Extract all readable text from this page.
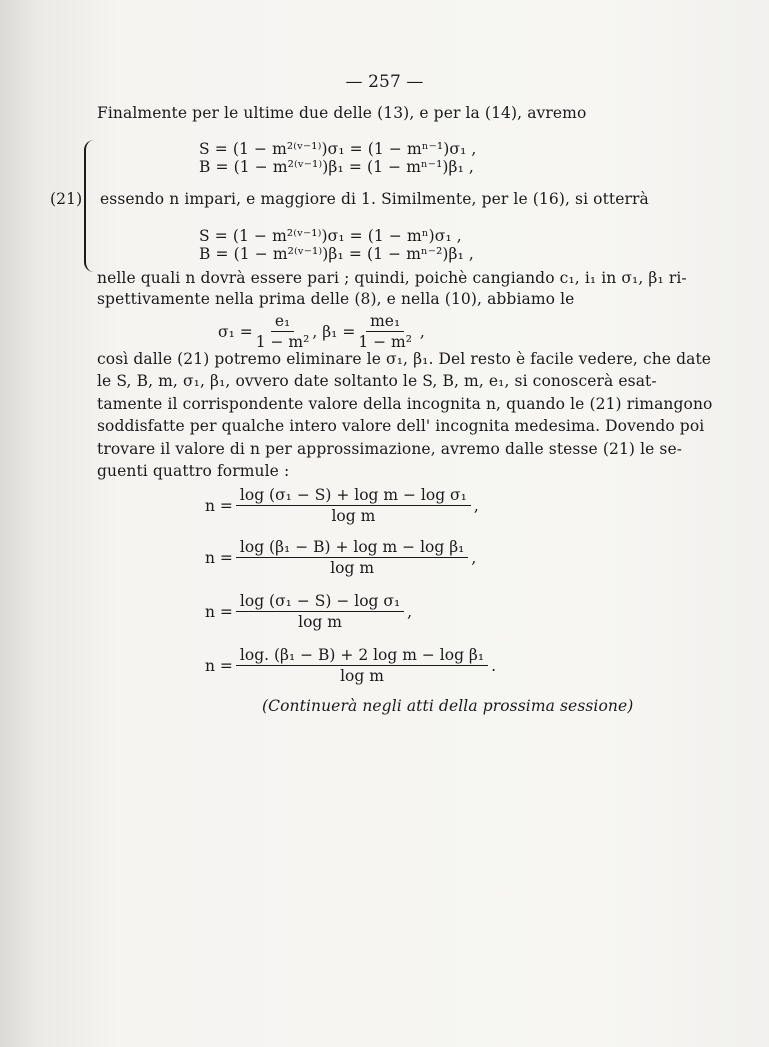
— 257 —
Finalmente per le ultime due delle (13), e per la (14), avremo
(21)
S = (1 − m²⁽ᵛ⁻¹⁾)σ₁ = (1 − mⁿ⁻¹)σ₁ ,
B = (1 − m²⁽ᵛ⁻¹⁾)β₁ = (1 − mⁿ⁻¹)β₁ ,
essendo n impari, e maggiore di 1. Similmente, per le (16), si otterrà
S = (1 − m²⁽ᵛ⁻¹⁾)σ₁ = (1 − mⁿ)σ₁ ,
B = (1 − m²⁽ᵛ⁻¹⁾)β₁ = (1 − mⁿ⁻²)β₁ ,
nelle quali n dovrà essere pari ; quindi, poichè cangiando c₁, i₁ in σ₁, β₁ ri-
spettivamente nella prima delle (8), e nella (10), abbiamo le
$\sigma_1 = \frac{\text{e₁}}{\text{1 − m²}}$ ,
$\beta_1 = \frac{\text{me₁}}{\text{1 − m²}}$
,
così dalle (21) potremo eliminare le σ₁, β₁. Del resto è facile vedere, che date
le S, B, m, σ₁, β₁, ovvero date soltanto le S, B, m, e₁, si conoscerà esat-
tamente il corrispondente valore della incognita n, quando le (21) rimangono
soddisfatte per qualche intero valore dell' incognita medesima. Dovendo poi
trovare il valore di n per approssimazione, avremo dalle stesse (21) le se-
guenti quattro formule :
$n = \frac{\text{log (σ₁ − S) + log m − log σ₁}}{\text{log m}}$ ,
$n = \frac{\text{log (β₁ − B) + log m − log β₁}}{\text{log m}}$ ,
$n = \frac{\text{log (σ₁ − S) − log σ₁}}{\text{log m}}$ ,
$n = \frac{\text{log. (β₁ − B) + 2 log m − log β₁}}{\text{log m}}$ .
(Continuerà negli atti della prossima sessione)
